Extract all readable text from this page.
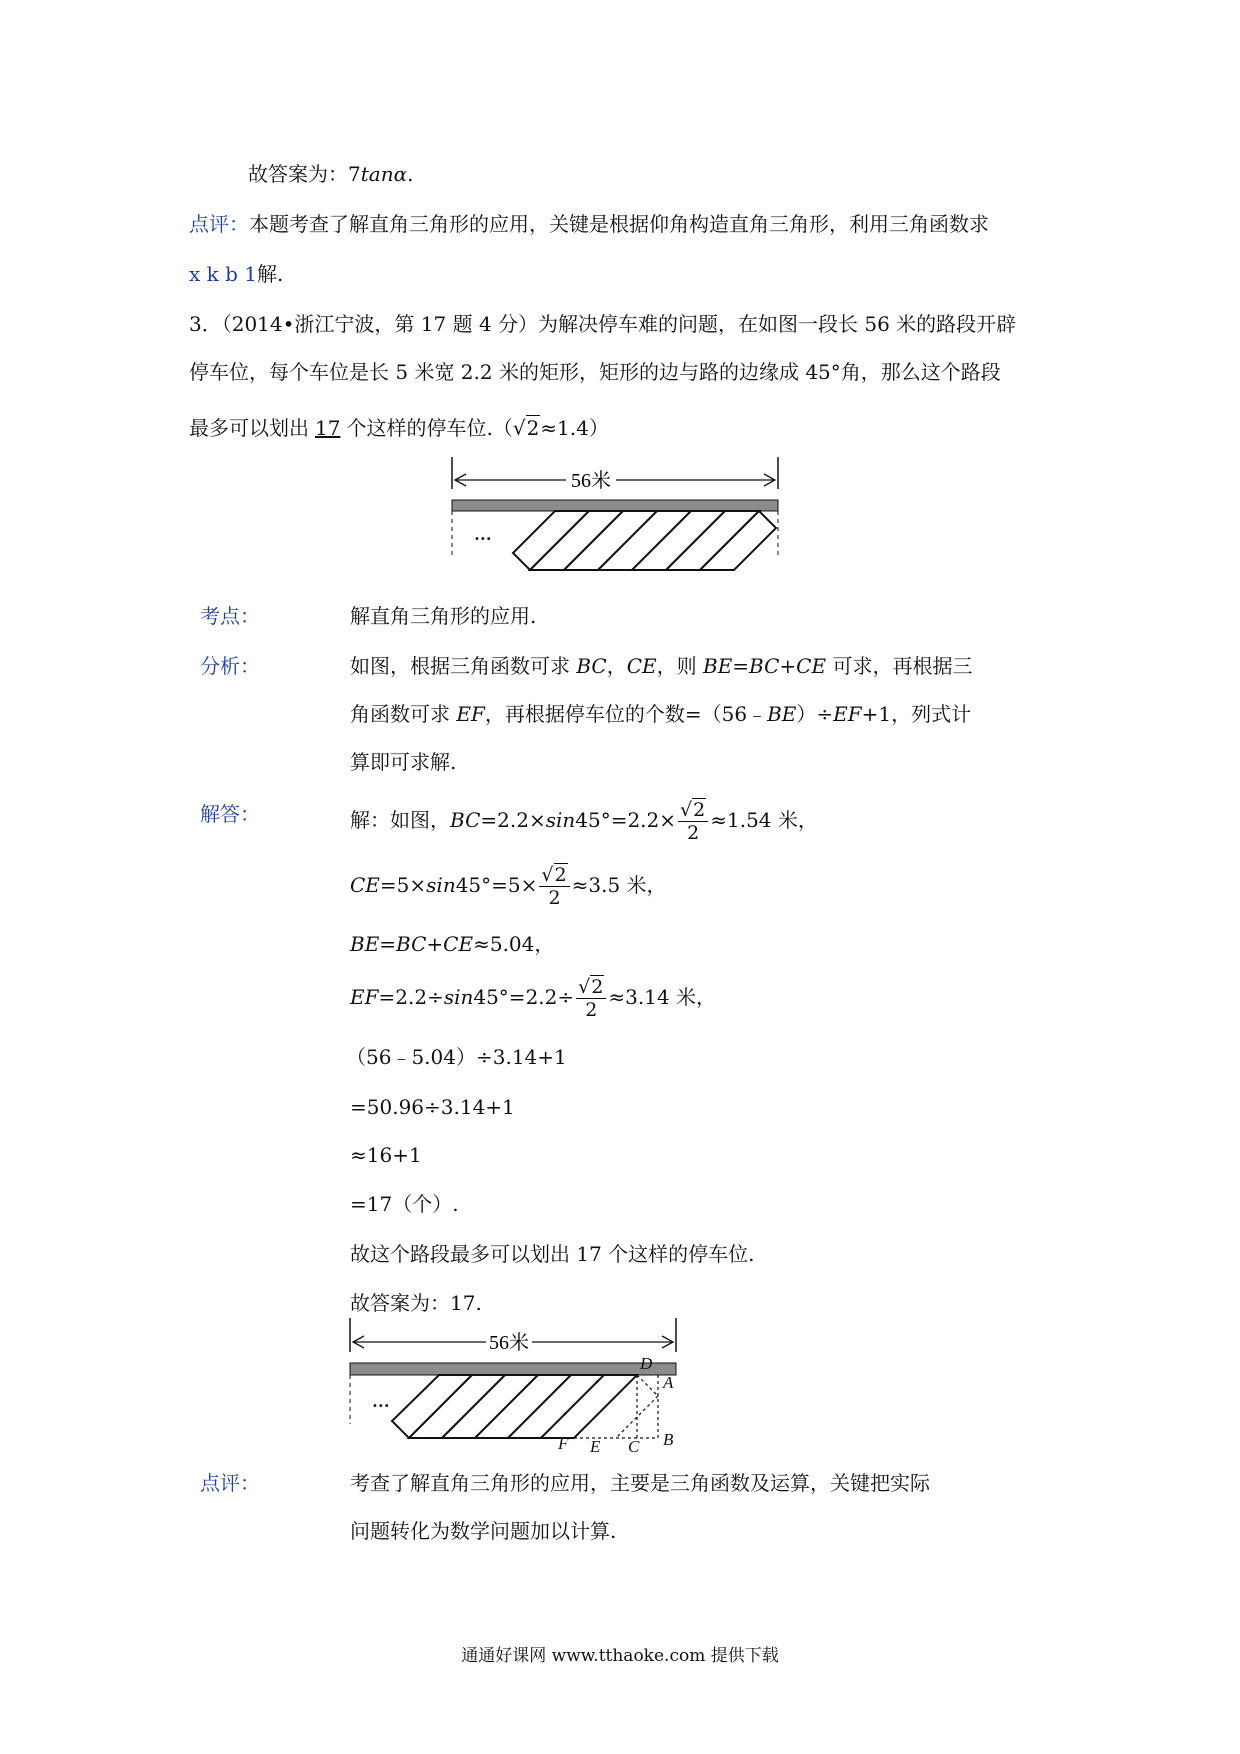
故答案为：7tanα.
点评：本题考查了解直角三角形的应用，关键是根据仰角构造直角三角形，利用三角函数求
x k b 1解.
3．（2014•浙江宁波，第 17 题 4 分）为解决停车难的问题，在如图一段长 56 米的路段开辟
停车位，每个车位是长 5 米宽 2.2 米的矩形，矩形的边与路的边缘成 45°角，那么这个路段
最多可以划出 17 个这样的停车位.（√2≈1.4）
56米
•••
考点：	解直角三角形的应用.
分析：	如图，根据三角函数可求 BC，CE，则 BE=BC+CE 可求，再根据三
角函数可求 EF，再根据停车位的个数=（56﹣BE）÷EF+1，列式计
算即可求解.
解答：	解：如图，$BC=2.2\times\sin 45^\circ=2.2\times \frac{√2}{2} \approx 1.54$ 米，
$CE=5\times\sin 45^\circ=5\times \frac{√2}{2} \approx 3.5$ 米，
BE=BC+CE≈5.04，
$EF=2.2\div\sin 45^\circ=2.2\div \frac{√2}{2} \approx 3.14$ 米，
（56﹣5.04）÷3.14+1
=50.96÷3.14+1
≈16+1
=17（个）.
故这个路段最多可以划出 17 个这样的停车位.
故答案为：17.
56米
•••
D
A
B
C
E
F
点评：	考查了解直角三角形的应用，主要是三角函数及运算，关键把实际
问题转化为数学问题加以计算.
通通好课网 www.tthaoke.com 提供下载
